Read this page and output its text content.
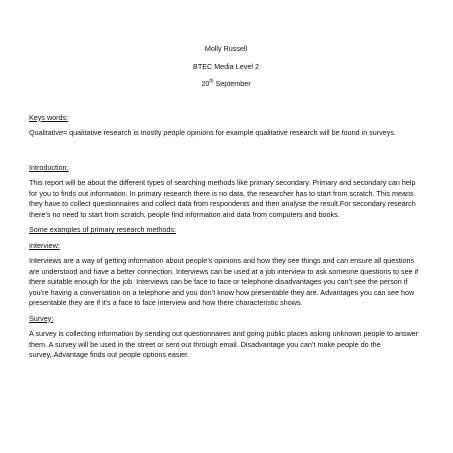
Molly Russell

BTEC Media Level 2

20th September

Keys words:

Qualitative= qualitative research is mostly people opinions for example qualitative research will be found in surveys.

Introduction:

This report will be about the different types of searching methods like primary secondary. Primary and secondary can help for you to finds out information. In primary research there is no data, the researcher has to start from scratch. This means they have to collect questionnaires and collect data from respondents and then analyse the result.For secondary research there’s no need to start from scratch, people find information and data from computers and books.

Some examples of primary research methods:

Interview:

Interviews are a way of getting information about people’s opinions and how they see things and can ensure all questions are understood and have a better connection. Interviews can be used at a job interview to ask someone questions to see if there suitable enough for the job. Interviews can be face to face or telephone disadvantages you can’t see the person if you’re having a conversation on a telephone and you don’t know how presentable they are. Advantages you can see how presentable they are if it’s a face to face interview and how there characteristic shows.

Survey:

A survey is collecting information by sending out questionnaires and going public places asking unknown people to answer them. A survey will be used in the street or sent out through email. Disadvantage you can’t make people do the survey,.Advantage finds out people options easier.
